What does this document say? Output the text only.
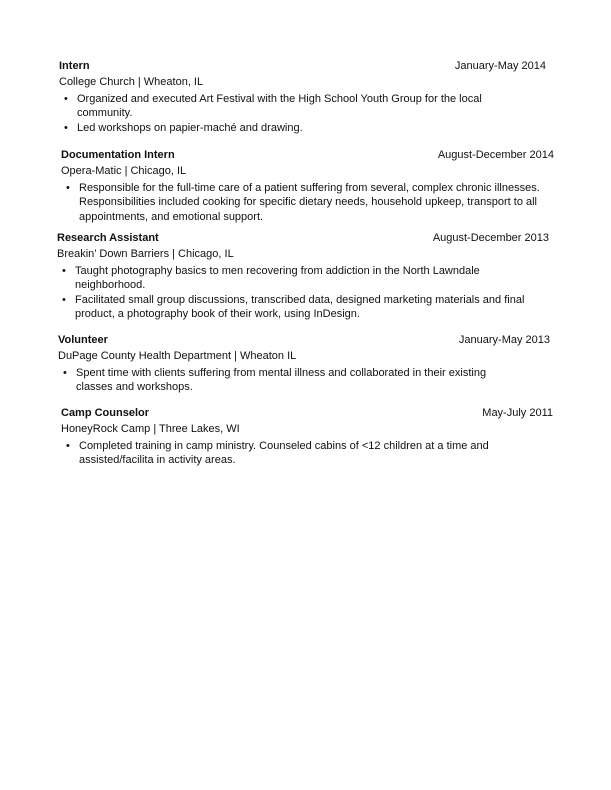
Intern	January-May 2014
College Church | Wheaton, IL
• Organized and executed Art Festival with the High School Youth Group for the local community.
• Led workshops on papier-maché and drawing.
Documentation Intern	August-December 2014
Opera-Matic | Chicago, IL
• Responsible for the full-time care of a patient suffering from several, complex chronic illnesses. Responsibilities included cooking for specific dietary needs, household upkeep, transport to all appointments, and emotional support.
Research Assistant	August-December 2013
Breakin’ Down Barriers | Chicago, IL
• Taught photography basics to men recovering from addiction in the North Lawndale neighborhood.
• Facilitated small group discussions, transcribed data, designed marketing materials and final product, a photography book of their work, using InDesign.
Volunteer	January-May 2013
DuPage County Health Department | Wheaton IL
• Spent time with clients suffering from mental illness and collaborated in their existing classes and workshops.
Camp Counselor	May-July 2011
HoneyRock Camp | Three Lakes, WI
• Completed training in camp ministry. Counseled cabins of <12 children at a time and assisted/facilita in activity areas.
